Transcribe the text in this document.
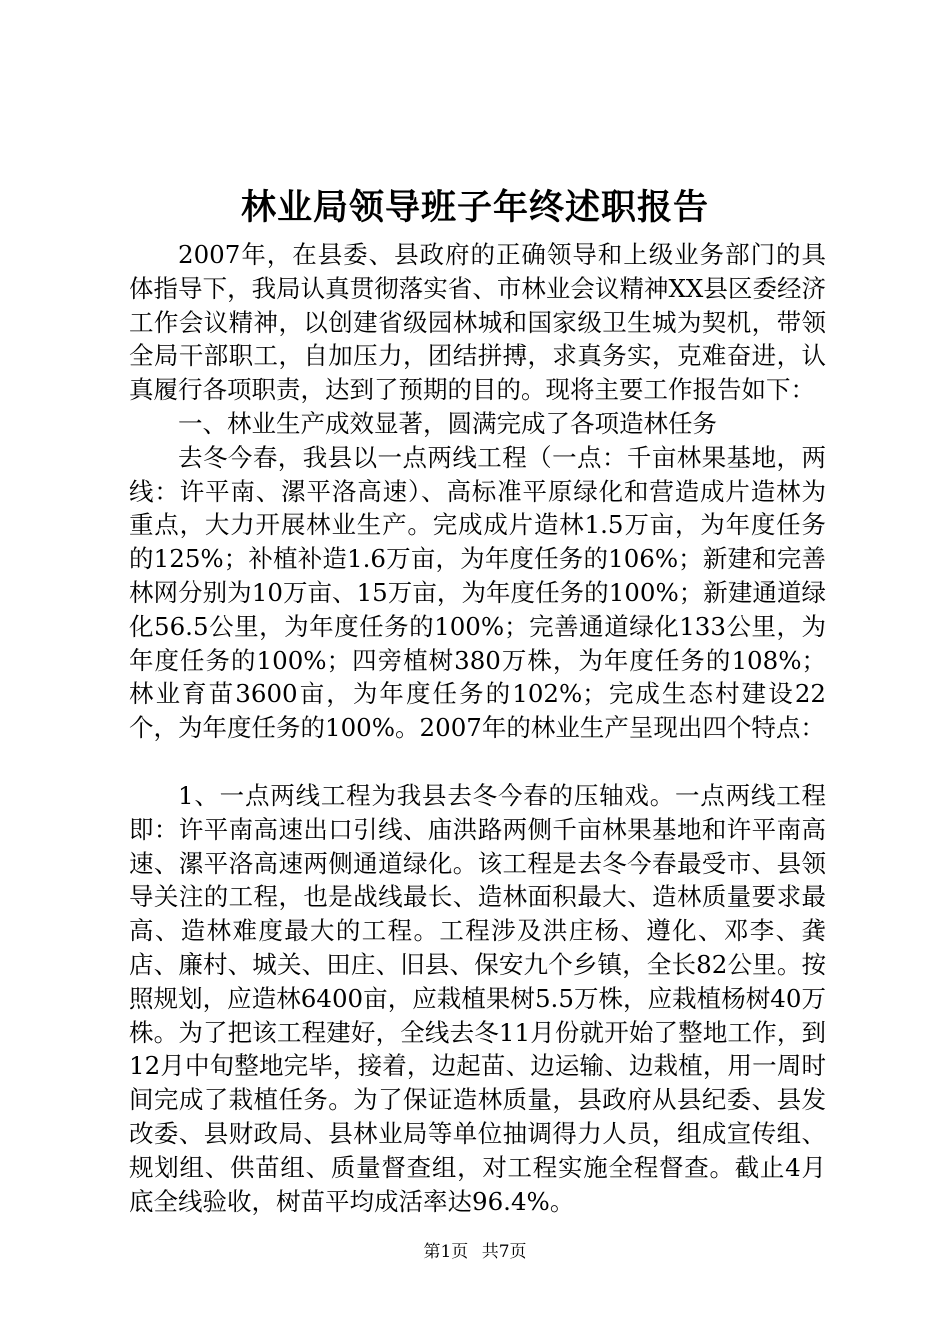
林业局领导班子年终述职报告

2007年，在县委、县政府的正确领导和上级业务部门的具体指导下，我局认真贯彻落实省、市林业会议精神XX县区委经济工作会议精神，以创建省级园林城和国家级卫生城为契机，带领全局干部职工，自加压力，团结拼搏，求真务实，克难奋进，认真履行各项职责，达到了预期的目的。现将主要工作报告如下：

一、林业生产成效显著，圆满完成了各项造林任务

去冬今春，我县以一点两线工程（一点：千亩林果基地，两线：许平南、漯平洛高速）、高标准平原绿化和营造成片造林为重点，大力开展林业生产。完成成片造林1.5万亩，为年度任务的125%；补植补造1.6万亩，为年度任务的106%；新建和完善林网分别为10万亩、15万亩，为年度任务的100%；新建通道绿化56.5公里，为年度任务的100%；完善通道绿化133公里，为年度任务的100%；四旁植树380万株，为年度任务的108%；林业育苗3600亩，为年度任务的102%；完成生态村建设22个，为年度任务的100%。2007年的林业生产呈现出四个特点：

1、一点两线工程为我县去冬今春的压轴戏。一点两线工程即：许平南高速出口引线、庙洪路两侧千亩林果基地和许平南高速、漯平洛高速两侧通道绿化。该工程是去冬今春最受市、县领导关注的工程，也是战线最长、造林面积最大、造林质量要求最高、造林难度最大的工程。工程涉及洪庄杨、遵化、邓李、龚店、廉村、城关、田庄、旧县、保安九个乡镇，全长82公里。按照规划，应造林6400亩，应栽植果树5.5万株，应栽植杨树40万株。为了把该工程建好，全线去冬11月份就开始了整地工作，到12月中旬整地完毕，接着，边起苗、边运输、边栽植，用一周时间完成了栽植任务。为了保证造林质量，县政府从县纪委、县发改委、县财政局、县林业局等单位抽调得力人员，组成宣传组、规划组、供苗组、质量督查组，对工程实施全程督查。截止4月底全线验收，树苗平均成活率达96.4%。

第1页 共7页
